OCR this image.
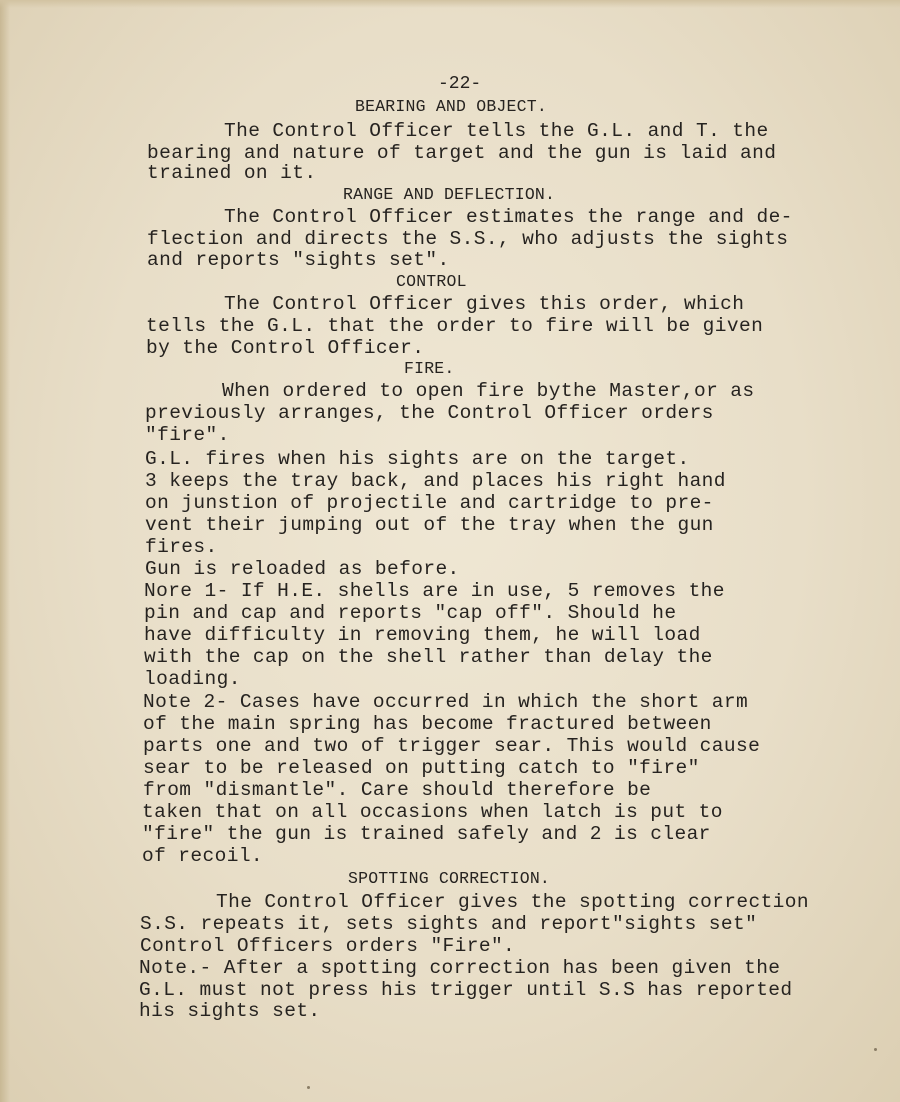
-22-
BEARING AND OBJECT.
The Control Officer tells the G.L. and T. the
bearing and nature of target and the gun is laid and
trained on it.
RANGE AND DEFLECTION.
The Control Officer estimates the range and de-
flection and directs the S.S., who adjusts the sights
and reports "sights set".
CONTROL
The Control Officer gives this order, which
tells the G.L. that the order to fire will be given
by the Control Officer.
FIRE.
When ordered to open fire bythe Master,or as
previously arranges, the Control Officer orders
"fire".
G.L. fires when his sights are on the target.
3 keeps the tray back, and places his right hand
on junstion of projectile and cartridge to pre-
vent their jumping out of the tray when the gun
fires.
Gun is reloaded as before.
Nore 1- If H.E. shells are in use, 5 removes the
pin and cap and reports "cap off". Should he
have difficulty in removing them, he will load
with the cap on the shell rather than delay the
loading.
Note 2- Cases have occurred in which the short arm
of the main spring has become fractured between
parts one and two of trigger sear. This would cause
sear to be released on putting catch to "fire"
from "dismantle". Care should therefore be
taken that on all occasions when latch is put to
"fire" the gun is trained safely and 2 is clear
of recoil.
SPOTTING CORRECTION.
The Control Officer gives the spotting correction
S.S. repeats it, sets sights and report"sights set"
Control Officers orders "Fire".
Note.- After a spotting correction has been given the
G.L. must not press his trigger until S.S has reported
his sights set.
